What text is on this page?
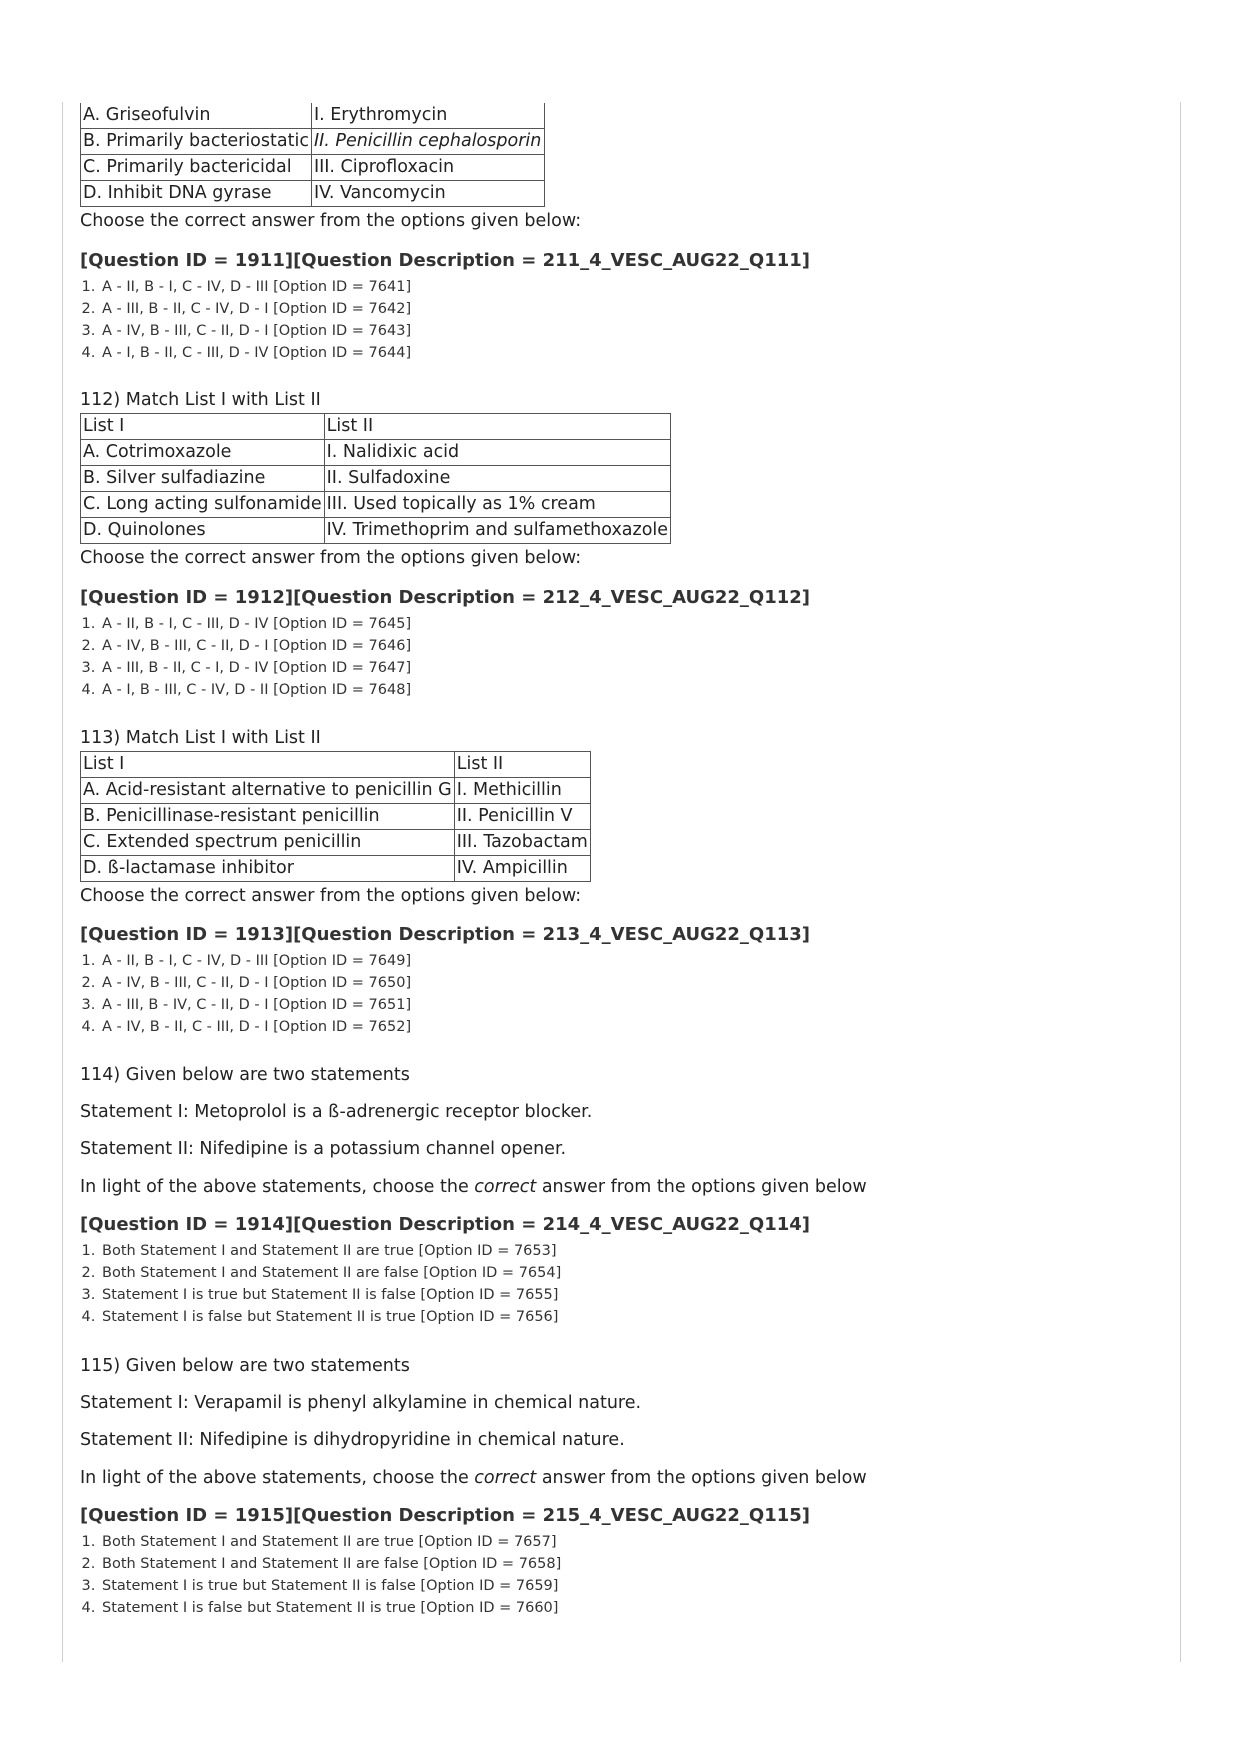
A. Griseofulvin	I. Erythromycin
B. Primarily bacteriostatic	II. Penicillin cephalosporin
C. Primarily bactericidal	III. Ciprofloxacin
D. Inhibit DNA gyrase	IV. Vancomycin
Choose the correct answer from the options given below:
[Question ID = 1911][Question Description = 211_4_VESC_AUG22_Q111]
1. A - II, B - I, C - IV, D - III [Option ID = 7641]
2. A - III, B - II, C - IV, D - I [Option ID = 7642]
3. A - IV, B - III, C - II, D - I [Option ID = 7643]
4. A - I, B - II, C - III, D - IV [Option ID = 7644]
112) Match List I with List II
List I	List II
A. Cotrimoxazole	I. Nalidixic acid
B. Silver sulfadiazine	II. Sulfadoxine
C. Long acting sulfonamide	III. Used topically as 1% cream
D. Quinolones	IV. Trimethoprim and sulfamethoxazole
Choose the correct answer from the options given below:
[Question ID = 1912][Question Description = 212_4_VESC_AUG22_Q112]
1. A - II, B - I, C - III, D - IV [Option ID = 7645]
2. A - IV, B - III, C - II, D - I [Option ID = 7646]
3. A - III, B - II, C - I, D - IV [Option ID = 7647]
4. A - I, B - III, C - IV, D - II [Option ID = 7648]
113) Match List I with List II
List I	List II
A. Acid-resistant alternative to penicillin G	I. Methicillin
B. Penicillinase-resistant penicillin	II. Penicillin V
C. Extended spectrum penicillin	III. Tazobactam
D. ß-lactamase inhibitor	IV. Ampicillin
Choose the correct answer from the options given below:
[Question ID = 1913][Question Description = 213_4_VESC_AUG22_Q113]
1. A - II, B - I, C - IV, D - III [Option ID = 7649]
2. A - IV, B - III, C - II, D - I [Option ID = 7650]
3. A - III, B - IV, C - II, D - I [Option ID = 7651]
4. A - IV, B - II, C - III, D - I [Option ID = 7652]
114) Given below are two statements
Statement I: Metoprolol is a ß-adrenergic receptor blocker.
Statement II: Nifedipine is a potassium channel opener.
In light of the above statements, choose the correct answer from the options given below
[Question ID = 1914][Question Description = 214_4_VESC_AUG22_Q114]
1. Both Statement I and Statement II are true [Option ID = 7653]
2. Both Statement I and Statement II are false [Option ID = 7654]
3. Statement I is true but Statement II is false [Option ID = 7655]
4. Statement I is false but Statement II is true [Option ID = 7656]
115) Given below are two statements
Statement I: Verapamil is phenyl alkylamine in chemical nature.
Statement II: Nifedipine is dihydropyridine in chemical nature.
In light of the above statements, choose the correct answer from the options given below
[Question ID = 1915][Question Description = 215_4_VESC_AUG22_Q115]
1. Both Statement I and Statement II are true [Option ID = 7657]
2. Both Statement I and Statement II are false [Option ID = 7658]
3. Statement I is true but Statement II is false [Option ID = 7659]
4. Statement I is false but Statement II is true [Option ID = 7660]
